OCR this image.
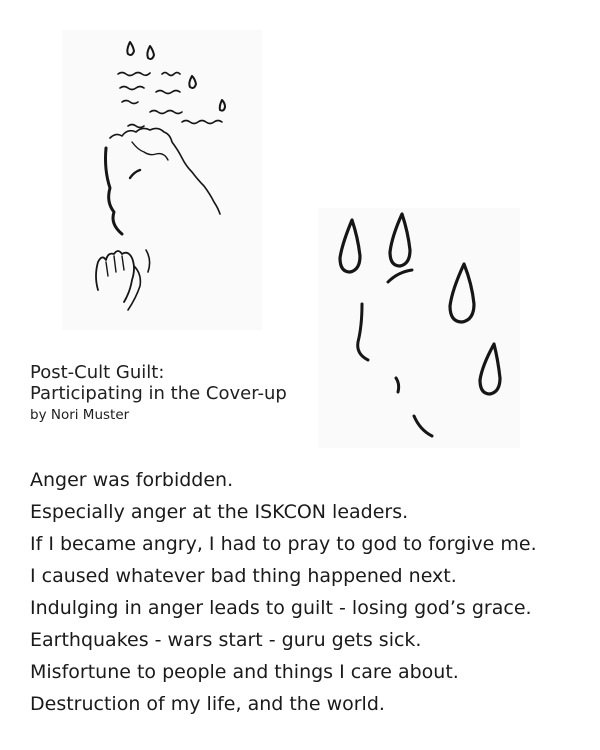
Post-Cult Guilt:
Participating in the Cover-up
by Nori Muster
Anger was forbidden.
Especially anger at the ISKCON leaders.
If I became angry, I had to pray to god to forgive me.
I caused whatever bad thing happened next.
Indulging in anger leads to guilt - losing god’s grace.
Earthquakes - wars start - guru gets sick.
Misfortune to people and things I care about.
Destruction of my life, and the world.
